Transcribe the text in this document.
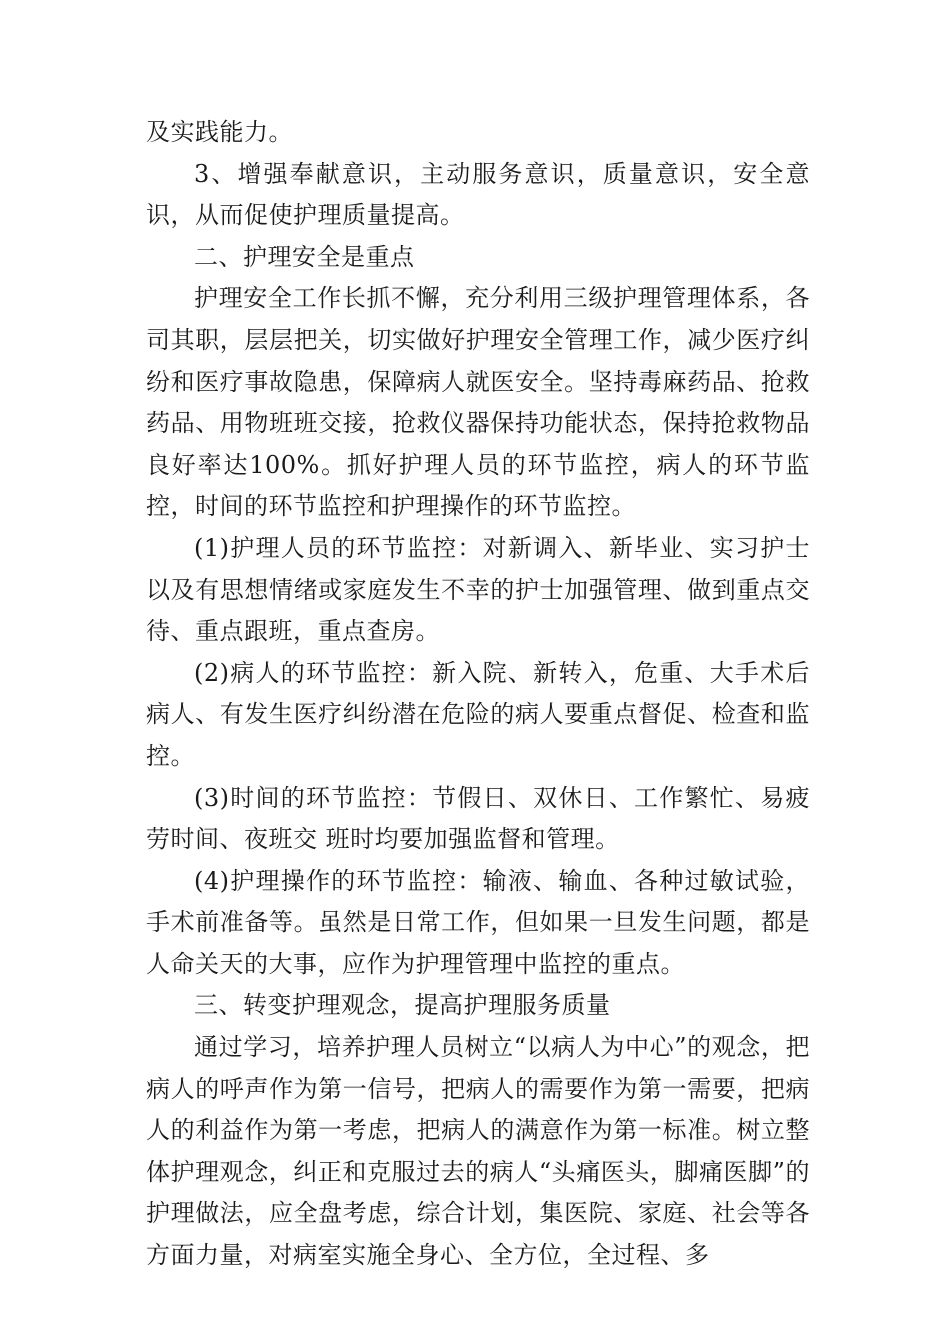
及实践能力。

3、增强奉献意识，主动服务意识，质量意识，安全意识，从而促使护理质量提高。

二、护理安全是重点

护理安全工作长抓不懈，充分利用三级护理管理体系，各司其职，层层把关，切实做好护理安全管理工作，减少医疗纠纷和医疗事故隐患，保障病人就医安全。坚持毒麻药品、抢救药品、用物班班交接，抢救仪器保持功能状态，保持抢救物品良好率达100%。抓好护理人员的环节监控，病人的环节监控，时间的环节监控和护理操作的环节监控。

(1)护理人员的环节监控：对新调入、新毕业、实习护士以及有思想情绪或家庭发生不幸的护士加强管理、做到重点交待、重点跟班，重点查房。

(2)病人的环节监控：新入院、新转入，危重、大手术后病人、有发生医疗纠纷潜在危险的病人要重点督促、检查和监控。

(3)时间的环节监控：节假日、双休日、工作繁忙、易疲劳时间、夜班交 班时均要加强监督和管理。

(4)护理操作的环节监控：输液、输血、各种过敏试验，手术前准备等。虽然是日常工作，但如果一旦发生问题，都是人命关天的大事，应作为护理管理中监控的重点。

三、转变护理观念，提高护理服务质量

通过学习，培养护理人员树立“以病人为中心”的观念，把病人的呼声作为第一信号，把病人的需要作为第一需要，把病人的利益作为第一考虑，把病人的满意作为第一标准。树立整体护理观念，纠正和克服过去的病人“头痛医头，脚痛医脚”的护理做法，应全盘考虑，综合计划，集医院、家庭、社会等各方面力量，对病室实施全身心、全方位，全过程、多
